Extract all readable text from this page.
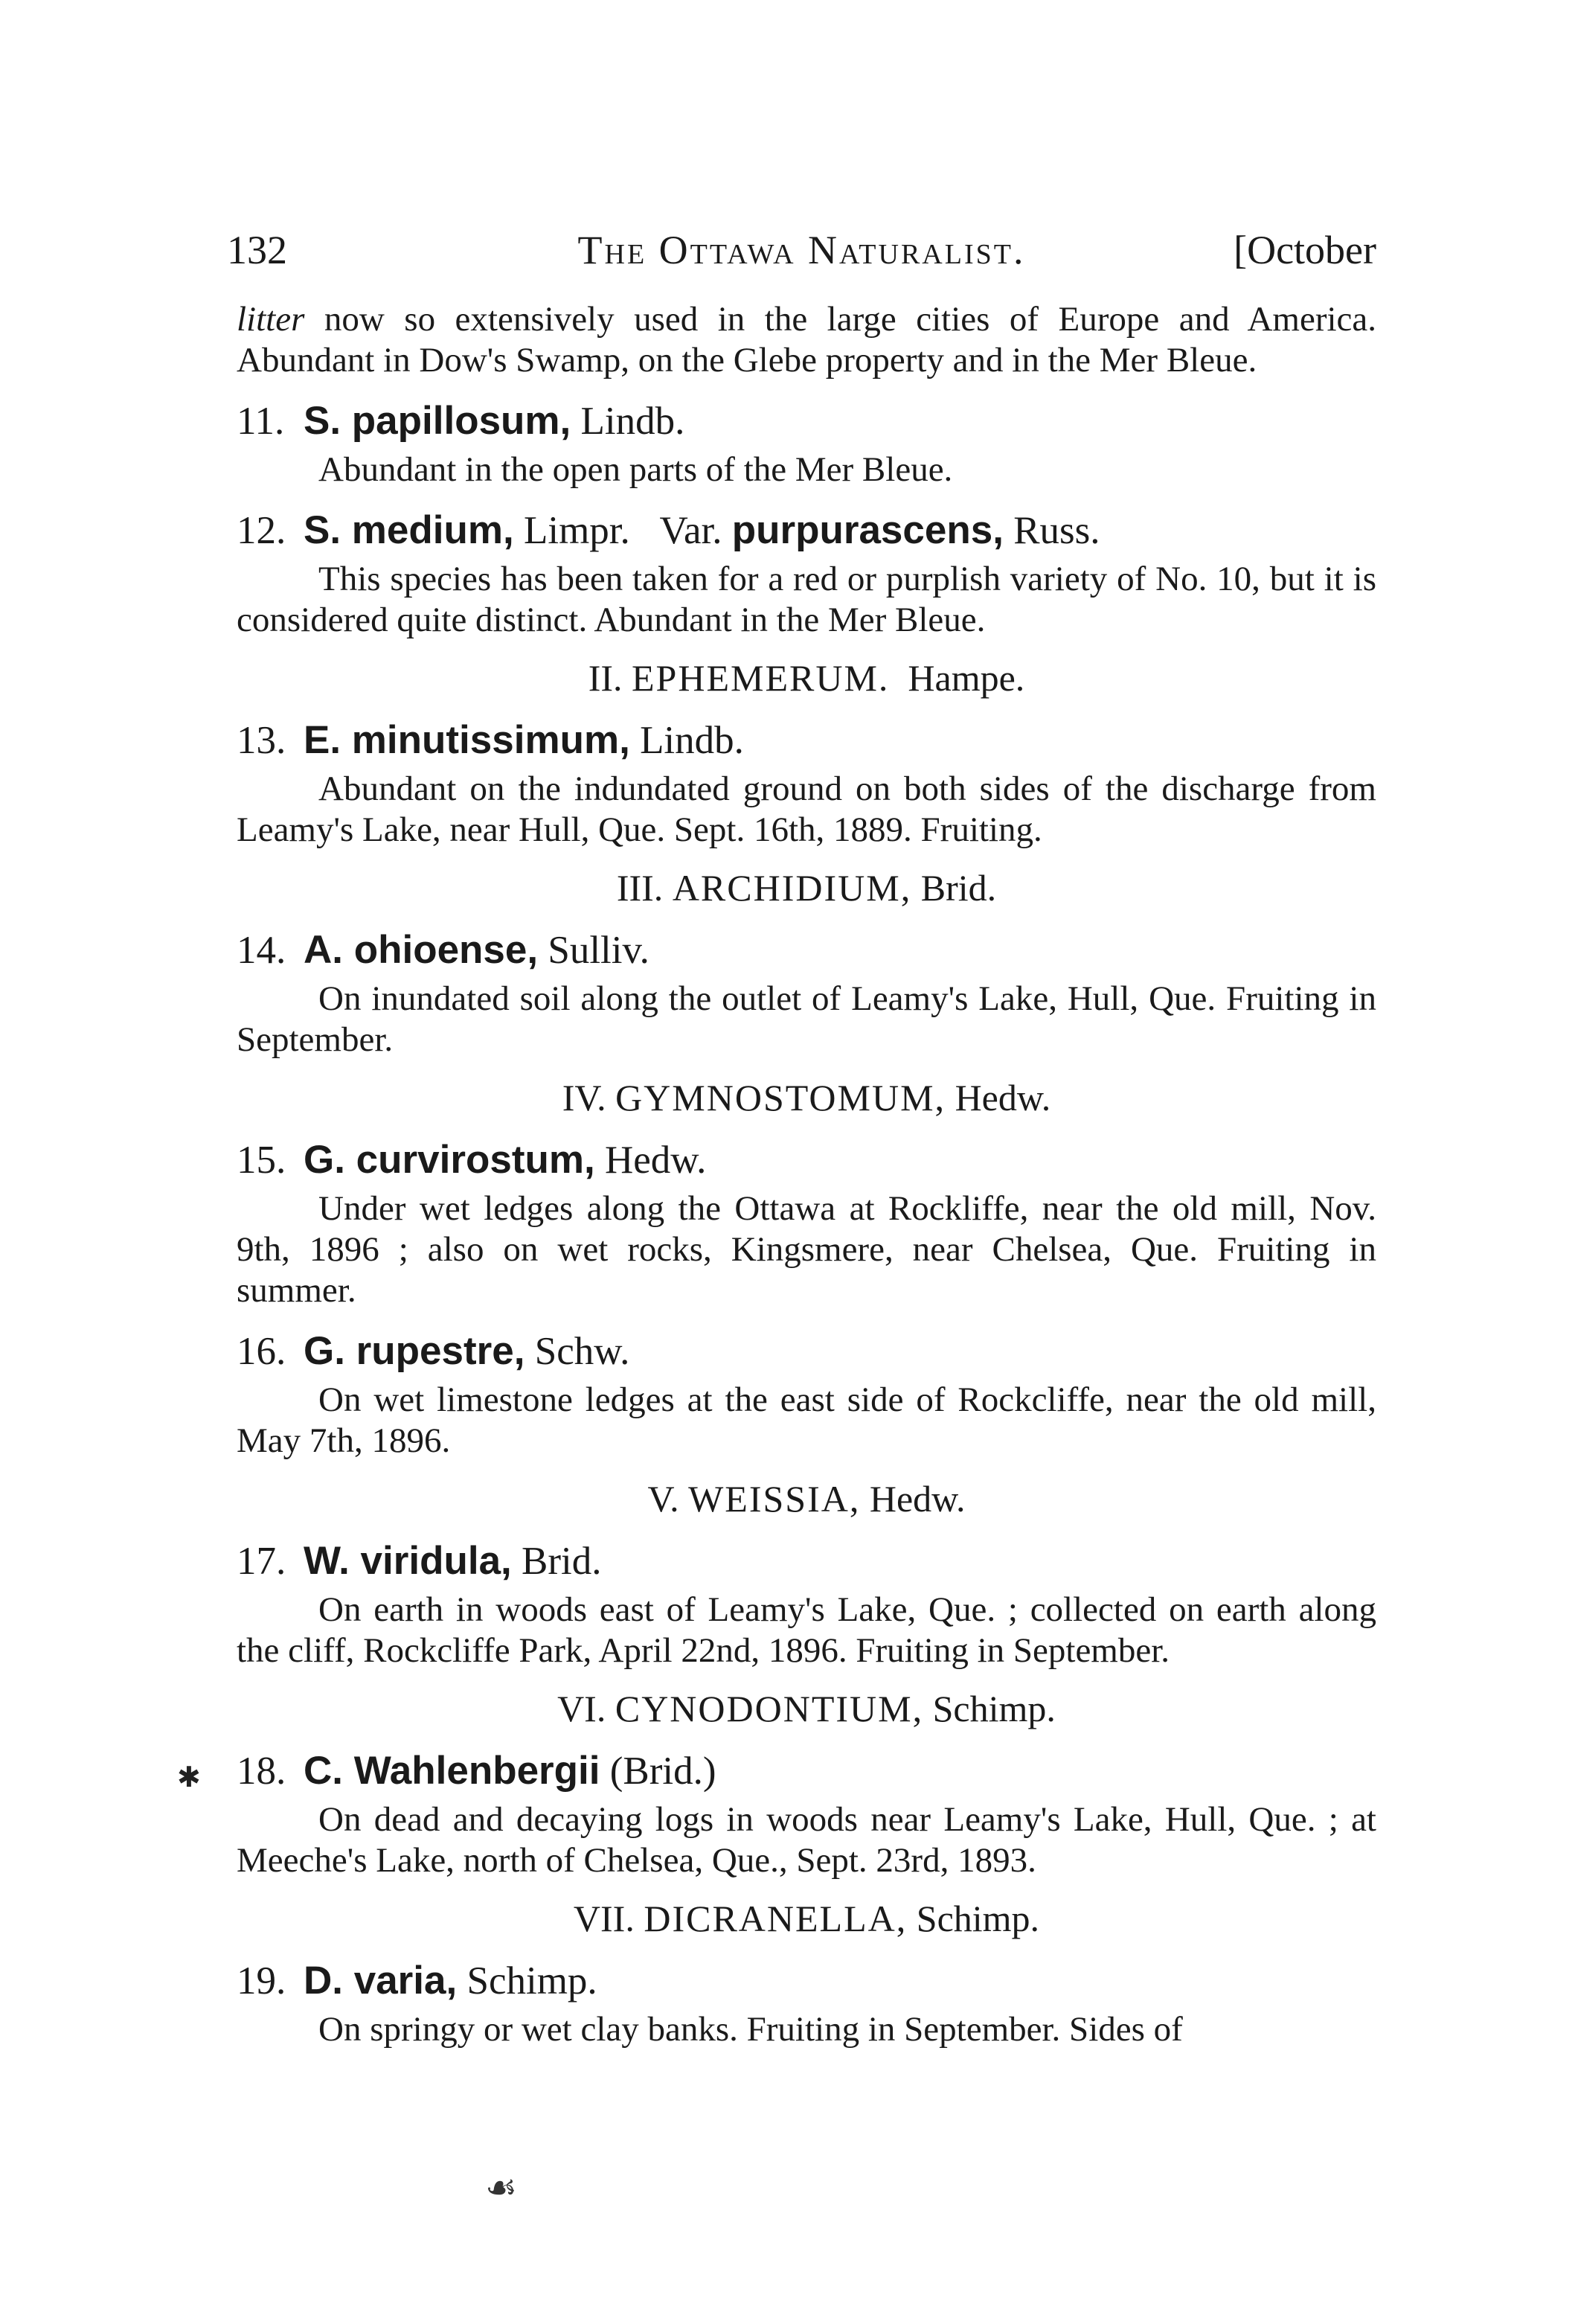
132	The Ottawa Naturalist.	[October

litter now so extensively used in the large cities of Europe and America. Abundant in Dow's Swamp, on the Glebe property and in the Mer Bleue.

11. S. papillosum, Lindb.

Abundant in the open parts of the Mer Bleue.

12. S. medium, Limpr. Var. purpurascens, Russ.

This species has been taken for a red or purplish variety of No. 10, but it is considered quite distinct. Abundant in the Mer Bleue.

II. EPHEMERUM. Hampe.
13. E. minutissimum, Lindb.

Abundant on the indundated ground on both sides of the discharge from Leamy's Lake, near Hull, Que. Sept. 16th, 1889. Fruiting.

III. ARCHIDIUM, Brid.
14. A. ohioense, Sulliv.

On inundated soil along the outlet of Leamy's Lake, Hull, Que. Fruiting in September.

IV. GYMNOSTOMUM, Hedw.
15. G. curvirostum, Hedw.

Under wet ledges along the Ottawa at Rockliffe, near the old mill, Nov. 9th, 1896 ; also on wet rocks, Kingsmere, near Chelsea, Que. Fruiting in summer.

16. G. rupestre, Schw.

On wet limestone ledges at the east side of Rockcliffe, near the old mill, May 7th, 1896.

V. WEISSIA, Hedw.
17. W. viridula, Brid.

On earth in woods east of Leamy's Lake, Que. ; collected on earth along the cliff, Rockcliffe Park, April 22nd, 1896. Fruiting in September.

VI. CYNODONTIUM, Schimp.
18. C. Wahlenbergii (Brid.)

On dead and decaying logs in woods near Leamy's Lake, Hull, Que. ; at Meeche's Lake, north of Chelsea, Que., Sept. 23rd, 1893.

VII. DICRANELLA, Schimp.
19. D. varia, Schimp.

On springy or wet clay banks. Fruiting in September. Sides of

✱
☙
